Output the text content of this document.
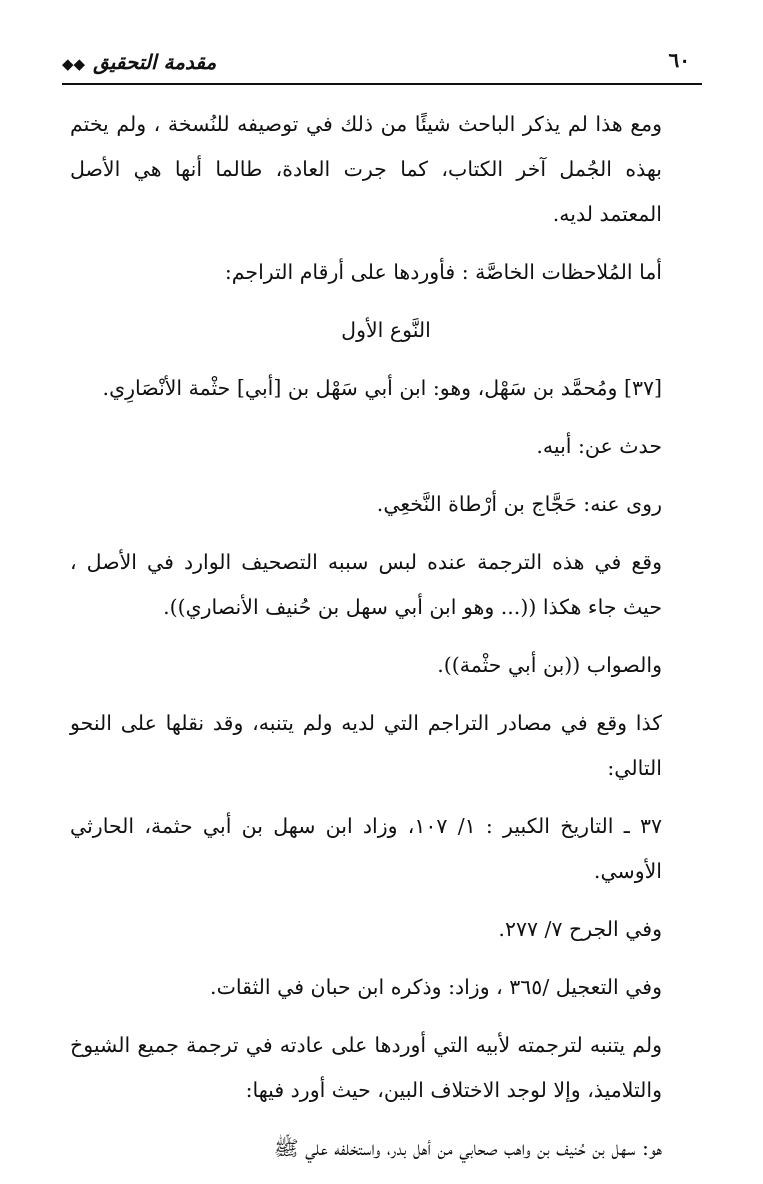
مقدمة التحقيق◆◆	٦٠

ومع هذا لم يذكر الباحث شيئًا من ذلك في توصيفه للنُسخة ، ولم يختم بهذه الجُمل آخر الكتاب، كما جرت العادة، طالما أنها هي الأصل المعتمد لديه.

أما المُلاحظات الخاصَّة : فأوردها على أرقام التراجم:

النَّوع الأول

[٣٧] ومُحمَّد بن سَهْل، وهو: ابن أبي سَهْل بن [أبي] حثْمة الأنْصَارِي.

حدث عن: أبيه.

روى عنه: حَجَّاج بن أرْطاة النَّخعِي.

وقع في هذه الترجمة عنده لبس سببه التصحيف الوارد في الأصل ، حيث جاء هكذا ((... وهو ابن أبي سهل بن حُنيف الأنصاري)).

والصواب ((بن أبي حثْمة)).

كذا وقع في مصادر التراجم التي لديه ولم يتنبه، وقد نقلها على النحو التالي:

٣٧ ـ التاريخ الكبير : ١/ ١٠٧، وزاد ابن سهل بن أبي حثمة، الحارثي الأوسي.

وفي الجرح ٧/ ٢٧٧.

وفي التعجيل /٣٦٥ ، وزاد: وذكره ابن حبان في الثقات.

ولم يتنبه لترجمته لأبيه التي أوردها على عادته في ترجمة جميع الشيوخ والتلاميذ، وإلا لوجد الاختلاف البين، حيث أورد فيها:

هو: سهل بن حُنيف بن واهب صحابي من أهل بدر، واستخلفه علي ﷺ
